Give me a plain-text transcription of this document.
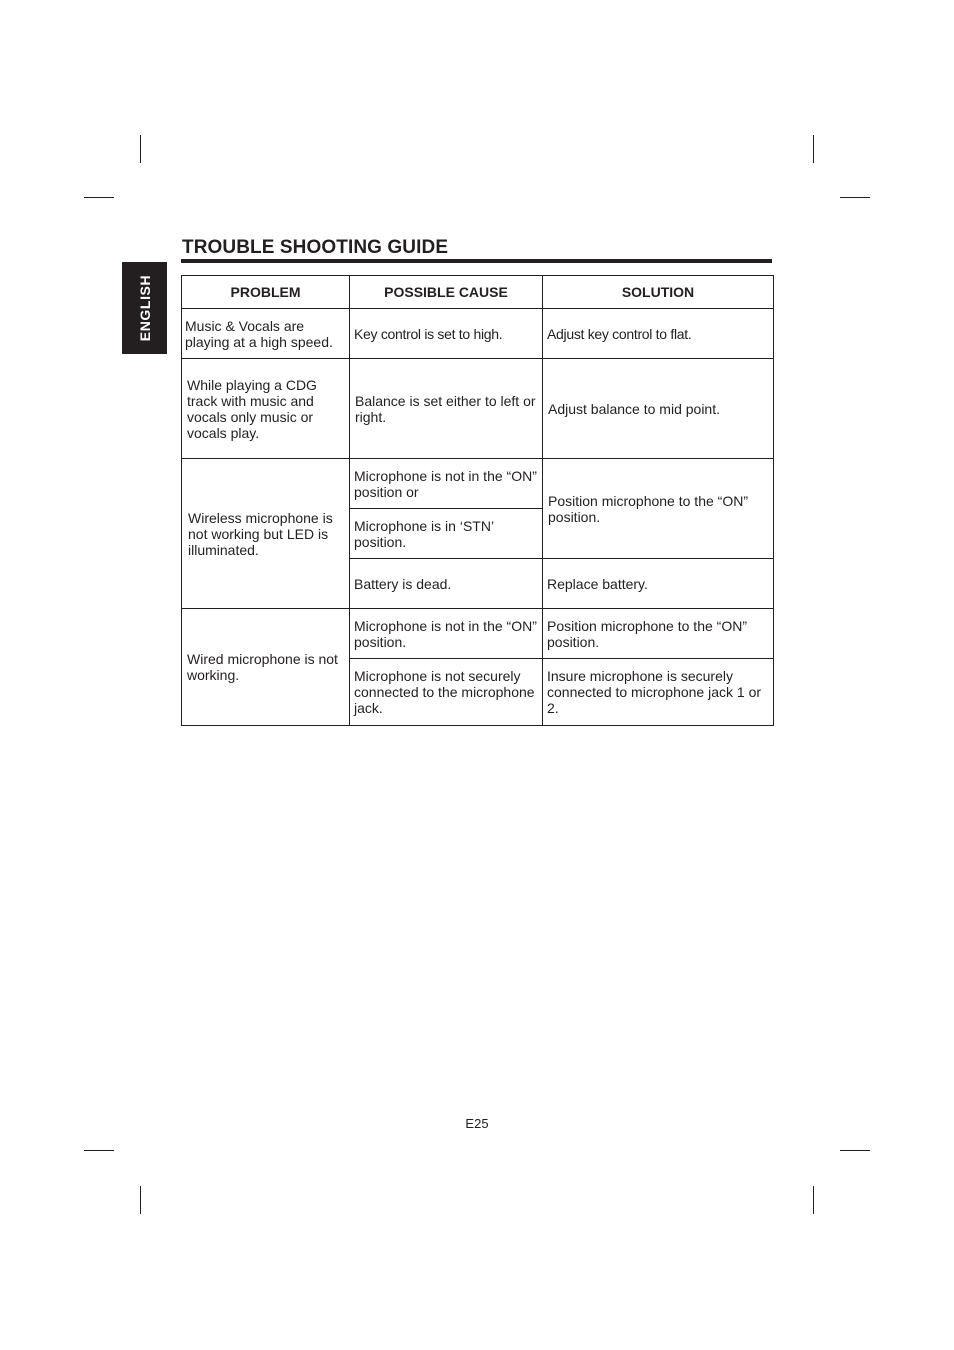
ENGLISH
TROUBLE SHOOTING GUIDE
PROBLEM	POSSIBLE CAUSE	SOLUTION
Music & Vocals are playing at a high speed.	Key control is set to high.	Adjust key control to flat.
While playing a CDG track with music and vocals only music or vocals play.	Balance is set either to left or right.	Adjust balance to mid point.
Wireless microphone is not working but LED is illuminated.	Microphone is not in the “ON” position or	Position microphone to the “ON” position.
	Microphone is in ‘STN’ position.	
	Battery is dead.	Replace battery.
Wired microphone is not working.	Microphone is not in the “ON” position.	Position microphone to the “ON” position.
	Microphone is not securely connected to the microphone jack.	Insure microphone is securely connected to microphone jack 1 or 2.
E25
